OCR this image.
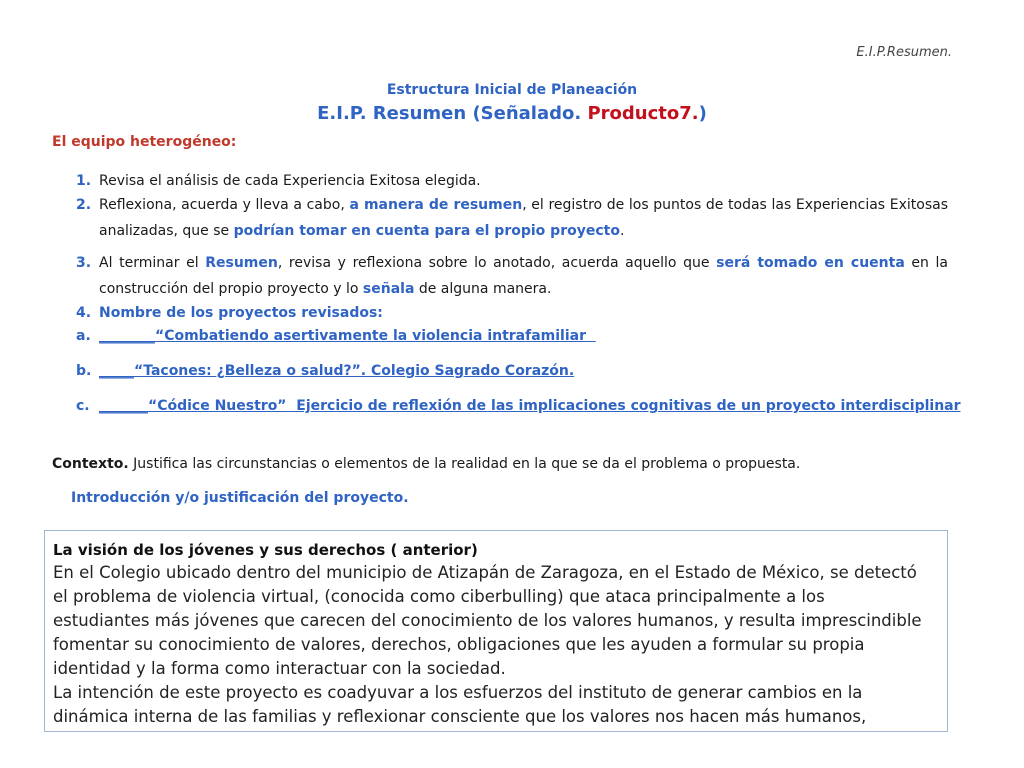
E.I.P.Resumen.
Estructura Inicial de Planeación
E.I.P. Resumen (Señalado. Producto7.)
El equipo heterogéneo:
1. Revisa el análisis de cada Experiencia Exitosa elegida.
2. Reflexiona, acuerda y lleva a cabo, a manera de resumen, el registro de los puntos de todas las Experiencias Exitosas analizadas, que se podrían tomar en cuenta para el propio proyecto.
3. Al terminar el Resumen, revisa y reflexiona sobre lo anotado, acuerda aquello que será tomado en cuenta en la construcción del propio proyecto y lo señala de alguna manera.
4. Nombre de los proyectos revisados:
a. ________“Combatiendo asertivamente la violencia intrafamiliar
b. _____“Tacones: ¿Belleza o salud?”. Colegio Sagrado Corazón.
c. _______“Códice Nuestro”  Ejercicio de reflexión de las implicaciones cognitivas de un proyecto interdisciplinar
Contexto. Justifica las circunstancias o elementos de la realidad en la que se da el problema o propuesta.
Introducción y/o justificación del proyecto.
La visión de los jóvenes y sus derechos ( anterior)
En el Colegio ubicado dentro del municipio de Atizapán de Zaragoza, en el Estado de México, se detectó
el problema de violencia virtual, (conocida como ciberbulling) que ataca principalmente a los
estudiantes más jóvenes que carecen del conocimiento de los valores humanos, y resulta imprescindible
fomentar su conocimiento de valores, derechos, obligaciones que les ayuden a formular su propia
identidad y la forma como interactuar con la sociedad.
La intención de este proyecto es coadyuvar a los esfuerzos del instituto de generar cambios en la
dinámica interna de las familias y reflexionar consciente que los valores nos hacen más humanos,
